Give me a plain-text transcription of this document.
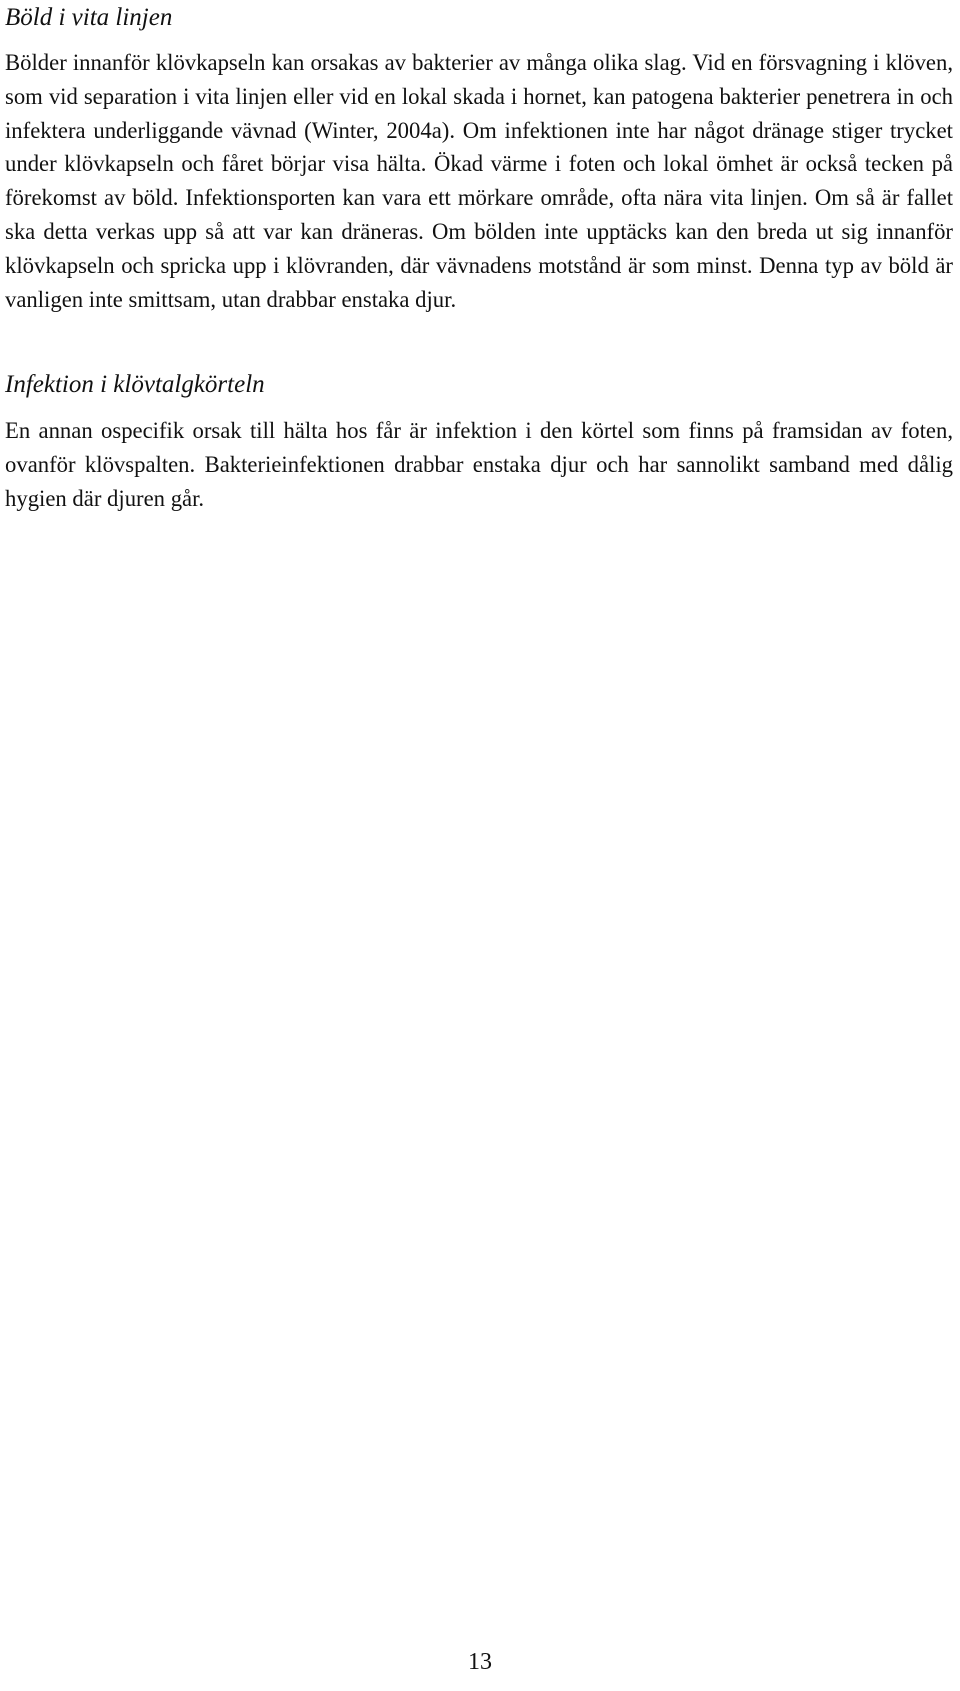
Böld i vita linjen

Bölder innanför klövkapseln kan orsakas av bakterier av många olika slag. Vid en försvagning i klöven, som vid separation i vita linjen eller vid en lokal skada i hornet, kan patogena bakterier penetrera in och infektera underliggande vävnad (Winter, 2004a). Om infektionen inte har något dränage stiger trycket under klövkapseln och fåret börjar visa hälta. Ökad värme i foten och lokal ömhet är också tecken på förekomst av böld. Infektionsporten kan vara ett mörkare område, ofta nära vita linjen. Om så är fallet ska detta verkas upp så att var kan dräneras. Om bölden inte upptäcks kan den breda ut sig innanför klövkapseln och spricka upp i klövranden, där vävnadens motstånd är som minst. Denna typ av böld är vanligen inte smittsam, utan drabbar enstaka djur.

Infektion i klövtalgkörteln

En annan ospecifik orsak till hälta hos får är infektion i den körtel som finns på framsidan av foten, ovanför klövspalten. Bakterieinfektionen drabbar enstaka djur och har sannolikt samband med dålig hygien där djuren går.

13
